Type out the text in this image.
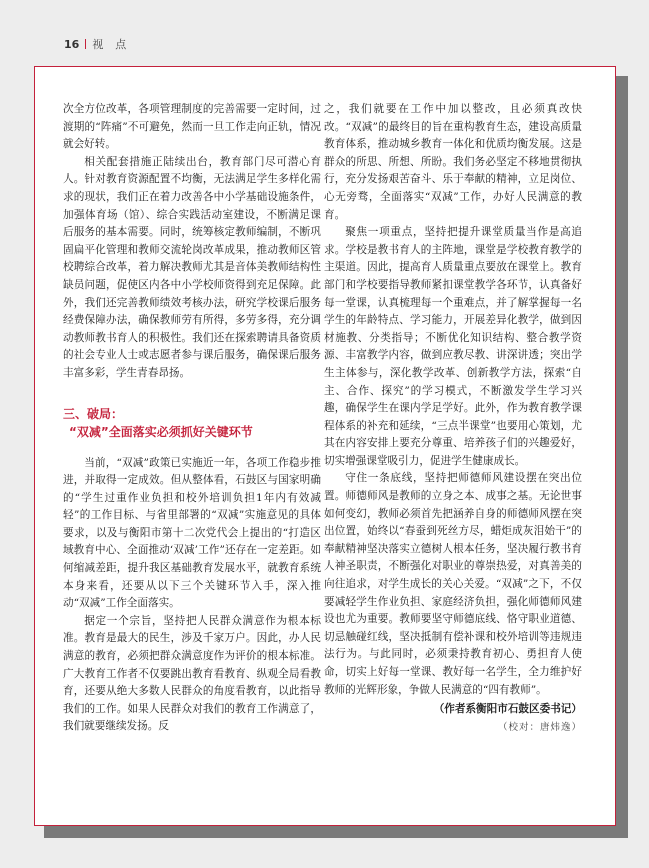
16 视点

次全方位改革，各项管理制度的完善需要一定时间，过渡期的“阵痛”不可避免，然而一旦工作走向正轨，情况就会好转。

相关配套措施正陆续出台，教育部门尽可潜心育人。针对教育资源配置不均衡，无法满足学生多样化需求的现状，我们正在着力改善各中小学基础设施条件，加强体育场（馆）、综合实践活动室建设，不断满足课后服务的基本需要。同时，统筹核定教师编制，不断巩固扁平化管理和教师交流轮岗改革成果，推动教师区管校聘综合改革，着力解决教师尤其是音体美教师结构性缺员问题，促使区内各中小学校师资得到充足保障。此外，我们还完善教师绩效考核办法，研究学校课后服务经费保障办法，确保教师劳有所得，多劳多得，充分调动教师教书育人的积极性。我们还在探索聘请具备资质的社会专业人士或志愿者参与课后服务，确保课后服务丰富多彩，学生青春昂扬。

三、破局：
“双减”全面落实必须抓好关键环节

当前，“双减”政策已实施近一年，各项工作稳步推进，并取得一定成效。但从整体看，石鼓区与国家明确的“学生过重作业负担和校外培训负担1年内有效减轻”的工作目标、与省里部署的“双减”实施意见的具体要求，以及与衡阳市第十二次党代会上提出的“打造区域教育中心、全面推动‘双减’工作”还存在一定差距。如何缩减差距，提升我区基础教育发展水平，就教育系统本身来看，还要从以下三个关键环节入手，深入推动“双减”工作全面落实。

据定一个宗旨，坚持把人民群众满意作为根本标准。教育是最大的民生，涉及千家万户。因此，办人民满意的教育，必须把群众满意度作为评价的根本标准。广大教育工作者不仅要跳出教育看教育、纵观全局看教育，还要从绝大多数人民群众的角度看教育，以此指导我们的工作。如果人民群众对我们的教育工作满意了，我们就要继续发扬。反

之，我们就要在工作中加以整改，且必须真改快改。“双减”的最终目的旨在重构教育生态，建设高质量教育体系，推动城乡教育一体化和优质均衡发展。这是群众的所思、所想、所盼。我们务必坚定不移地贯彻执行，充分发扬艰苦奋斗、乐于奉献的精神，立足岗位、心无旁骛，全面落实“双减”工作，办好人民满意的教育。

聚焦一项重点，坚持把提升课堂质量当作是高追求。学校是教书育人的主阵地，课堂是学校教育教学的主渠道。因此，提高育人质量重点要放在课堂上。教育部门和学校要指导教师紧扣课堂教学各环节，认真备好每一堂课，认真梳理每一个重难点，并了解掌握每一名学生的年龄特点、学习能力，开展差异化教学，做到因材施教、分类指导；不断优化知识结构、整合教学资源、丰富教学内容，做到应教尽教、讲深讲透；突出学生主体参与，深化教学改革、创新教学方法，探索“自主、合作、探究”的学习模式，不断激发学生学习兴趣，确保学生在课内学足学好。此外，作为教育教学课程体系的补充和延续，“三点半课堂”也要用心策划，尤其在内容安排上要充分尊重、培养孩子们的兴趣爱好，切实增强课堂吸引力，促进学生健康成长。

守住一条底线，坚持把师德师风建设摆在突出位置。师德师风是教师的立身之本、成事之基。无论世事如何变幻，教师必须首先把涵养自身的师德师风摆在突出位置，始终以“春蚕到死丝方尽，蜡炬成灰泪始干”的奉献精神坚决落实立德树人根本任务，坚决履行教书育人神圣职责，不断强化对职业的尊崇热爱，对真善美的向往追求，对学生成长的关心关爱。“双减”之下，不仅要减轻学生作业负担、家庭经济负担，强化师德师风建设也尤为重要。教师要坚守师德底线、恪守职业道德、切忌触碰红线，坚决抵制有偿补课和校外培训等违规违法行为。与此同时，必须秉持教育初心、勇担育人使命，切实上好每一堂课、教好每一名学生，全力维护好教师的光辉形象，争做人民满意的“四有教师”。

（作者系衡阳市石鼓区委书记）
（校对：唐炜逸）
